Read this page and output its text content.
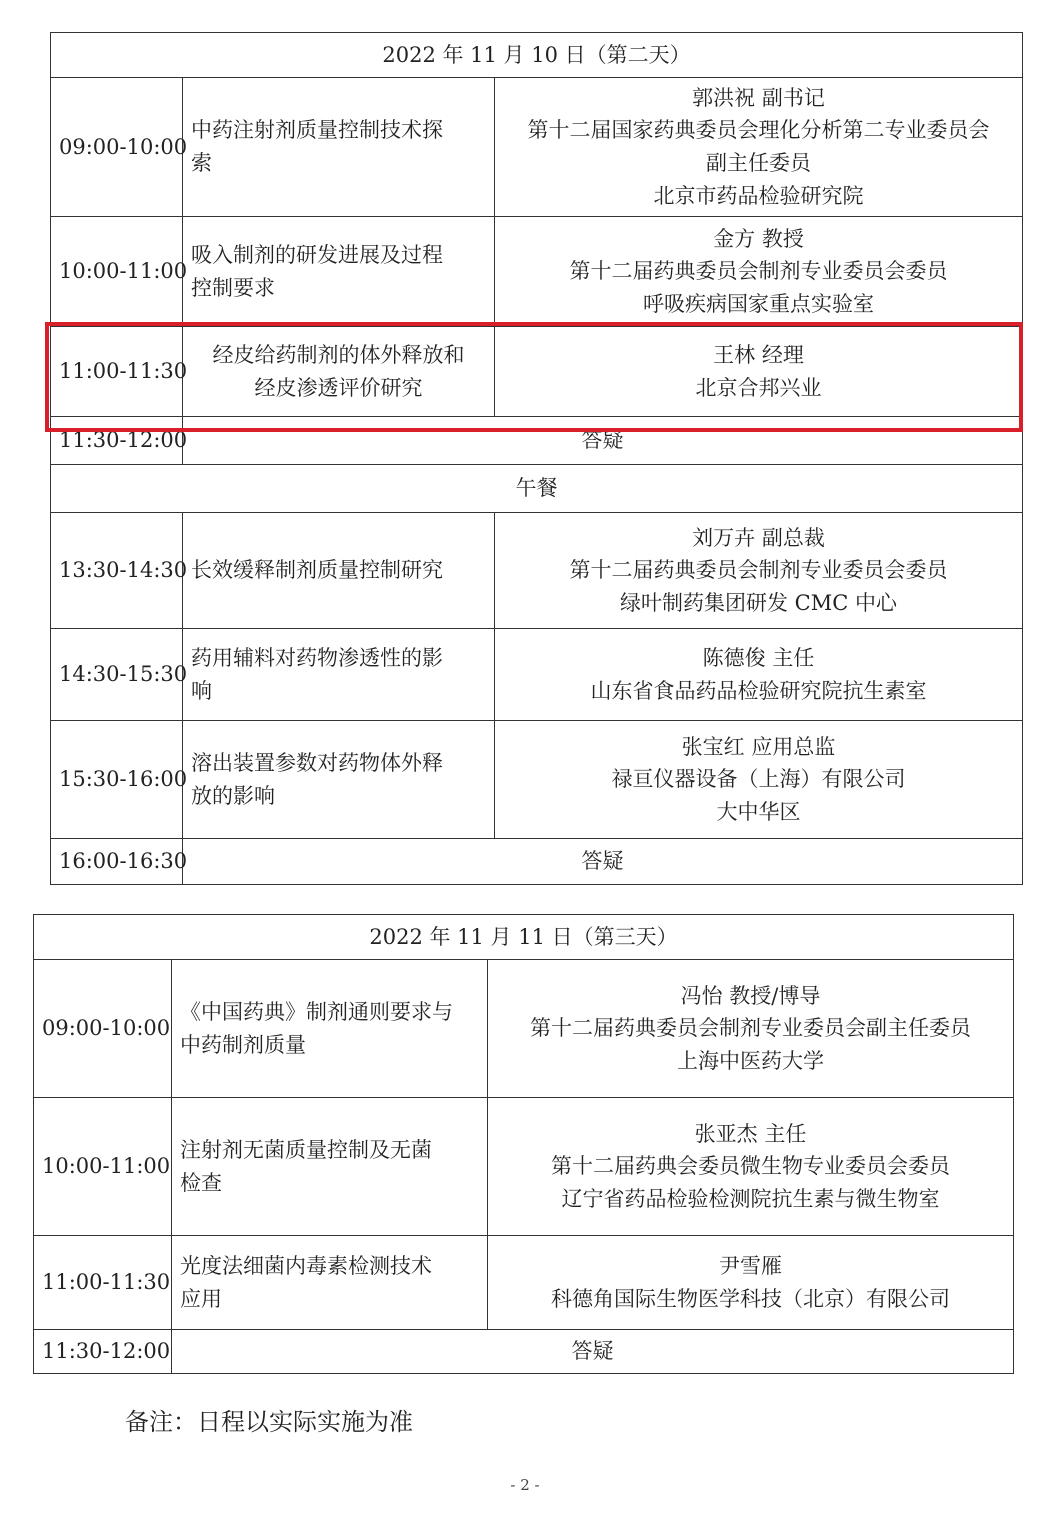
2022 年 11 月 10 日（第二天）		
09:00-10:00	中药注射剂质量控制技术探
索	郭洪祝 副书记
第十二届国家药典委员会理化分析第二专业委员会
副主任委员
北京市药品检验研究院

10:00-11:00	吸入制剂的研发进展及过程
控制要求	金方 教授
第十二届药典委员会制剂专业委员会委员
呼吸疾病国家重点实验室

11:00-11:30	经皮给药制剂的体外释放和
经皮渗透评价研究	王林 经理
北京合邦兴业

11:30-12:00	答疑	
午餐		
13:30-14:30	长效缓释制剂质量控制研究	刘万卉 副总裁
第十二届药典委员会制剂专业委员会委员
绿叶制药集团研发 CMC 中心

14:30-15:30	药用辅料对药物渗透性的影
响	陈德俊 主任
山东省食品药品检验研究院抗生素室

15:30-16:00	溶出装置参数对药物体外释
放的影响	张宝红 应用总监
禄亘仪器设备（上海）有限公司
大中华区

16:00-16:30	答疑	
2022 年 11 月 11 日（第三天）		
09:00-10:00	《中国药典》制剂通则要求与
中药制剂质量	冯怡 教授/博导
第十二届药典委员会制剂专业委员会副主任委员
上海中医药大学

10:00-11:00	注射剂无菌质量控制及无菌
检查	张亚杰 主任
第十二届药典会委员微生物专业委员会委员
辽宁省药品检验检测院抗生素与微生物室

11:00-11:30	光度法细菌内毒素检测技术
应用	尹雪雁
科德角国际生物医学科技（北京）有限公司

11:30-12:00	答疑	
备注：日程以实际实施为准
- 2 -
